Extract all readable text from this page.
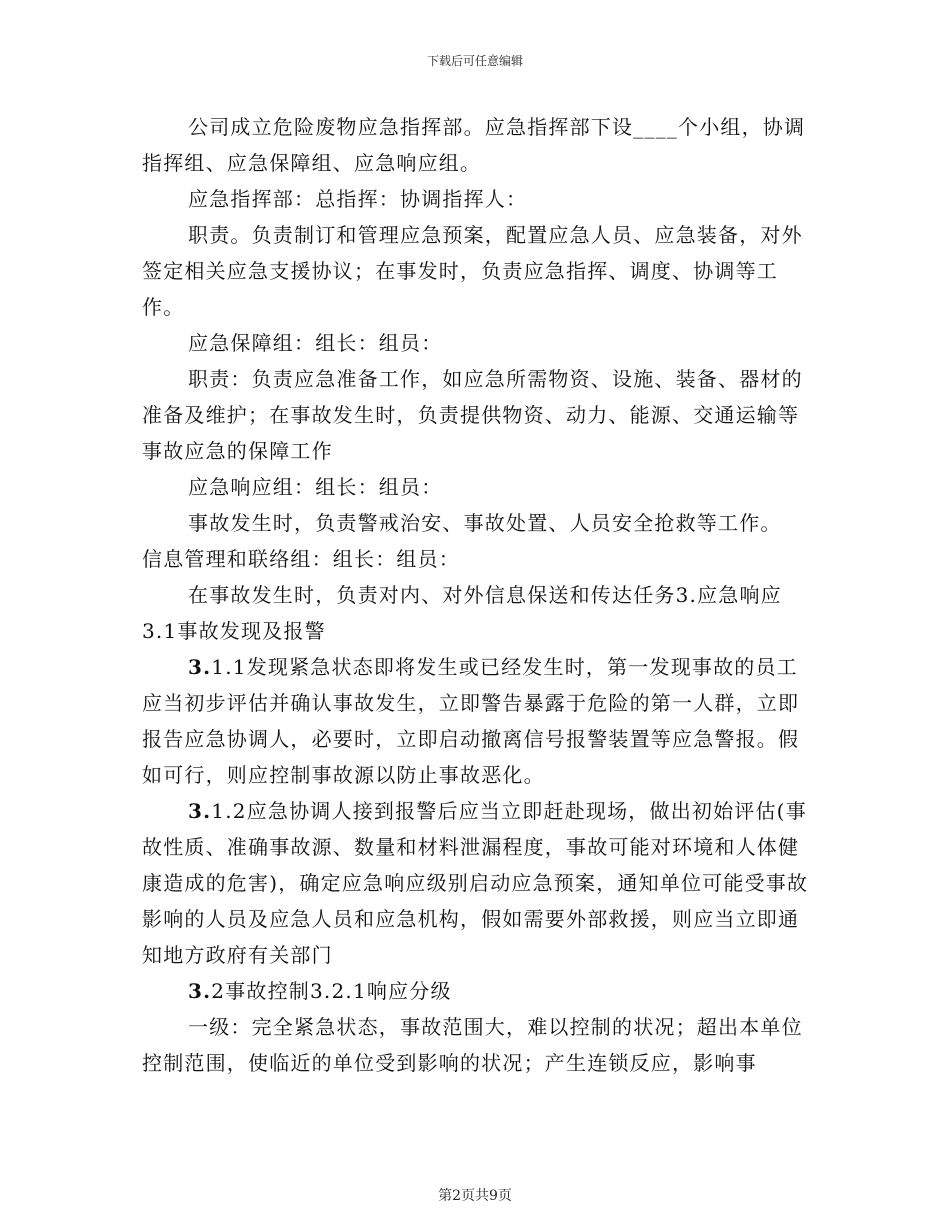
下载后可任意编辑

公司成立危险废物应急指挥部。应急指挥部下设____个小组，协调指挥组、应急保障组、应急响应组。

应急指挥部：总指挥：协调指挥人：

职责。负责制订和管理应急预案，配置应急人员、应急装备，对外签定相关应急支援协议；在事发时，负责应急指挥、调度、协调等工作。

应急保障组：组长：组员：

职责：负责应急准备工作，如应急所需物资、设施、装备、器材的准备及维护；在事故发生时，负责提供物资、动力、能源、交通运输等事故应急的保障工作

应急响应组：组长：组员：

事故发生时，负责警戒治安、事故处置、人员安全抢救等工作。

信息管理和联络组：组长：组员：

在事故发生时，负责对内、对外信息保送和传达任务3.应急响应3.1事故发现及报警

3.1.1发现紧急状态即将发生或已经发生时，第一发现事故的员工应当初步评估并确认事故发生，立即警告暴露于危险的第一人群，立即报告应急协调人，必要时，立即启动撤离信号报警装置等应急警报。假如可行，则应控制事故源以防止事故恶化。

3.1.2应急协调人接到报警后应当立即赶赴现场，做出初始评估(事故性质、准确事故源、数量和材料泄漏程度，事故可能对环境和人体健康造成的危害)，确定应急响应级别启动应急预案，通知单位可能受事故影响的人员及应急人员和应急机构，假如需要外部救援，则应当立即通知地方政府有关部门

3.2事故控制3.2.1响应分级

一级：完全紧急状态，事故范围大，难以控制的状况；超出本单位控制范围，使临近的单位受到影响的状况；产生连锁反应，影响事

第2页共9页
